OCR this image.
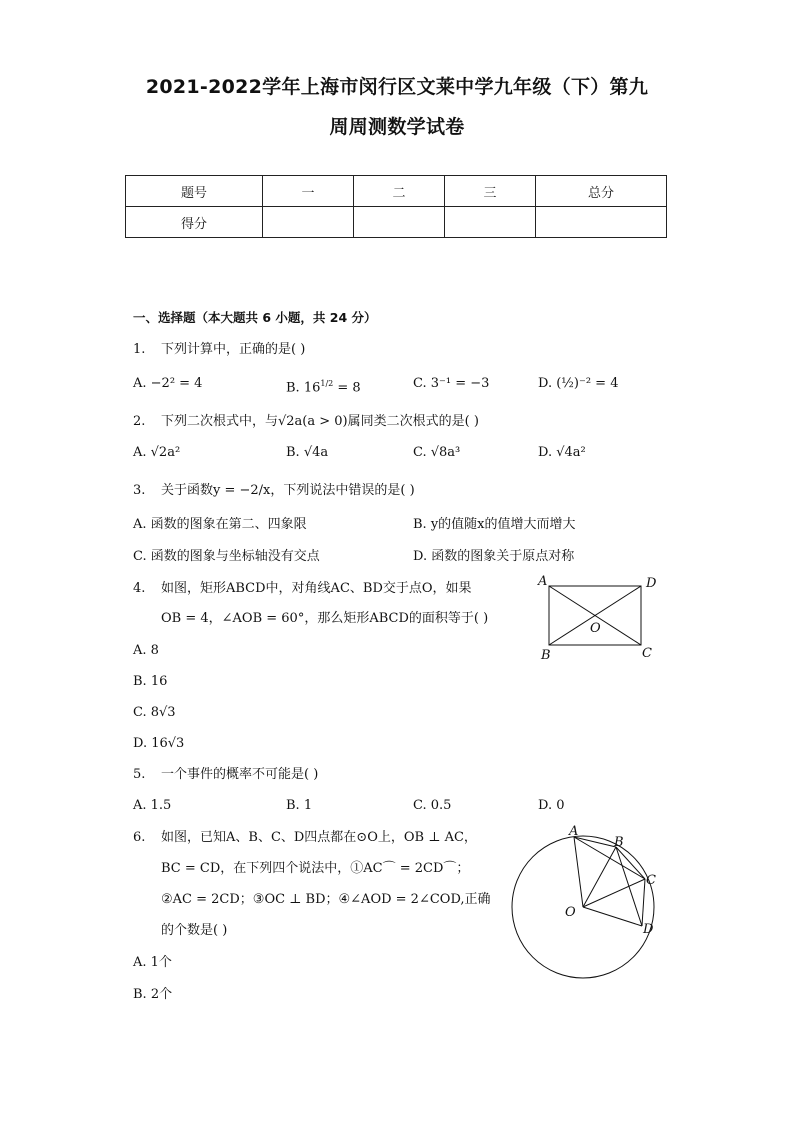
2021-2022学年上海市闵行区文莱中学九年级（下）第九
周周测数学试卷
题号	一	二	三	总分
得分				
一、选择题（本大题共 6 小题，共 24 分）
1. 下列计算中，正确的是( )
A. −2² = 4	B. $16^{1/2} = 8$	C. 3⁻¹ = −3	D. (½)⁻² = 4
2. 下列二次根式中，与√2a(a > 0)属同类二次根式的是( )
A. √2a²	B. √4a	C. √8a³	D. √4a²
3. 关于函数y = −2/x，下列说法中错误的是( )
A. 函数的图象在第二、四象限	B. y的值随x的值增大而增大
C. 函数的图象与坐标轴没有交点	D. 函数的图象关于原点对称
4. 如图，矩形ABCD中，对角线AC、BD交于点O，如果
OB = 4，∠AOB = 60°，那么矩形ABCD的面积等于( )
A. 8
B. 16
C. 8√3
D. 16√3
A	D
O
B	C
5. 一个事件的概率不可能是( )
A. 1.5	B. 1	C. 0.5	D. 0
6. 如图，已知A、B、C、D四点都在⊙O上，OB ⊥ AC，
BC = CD，在下列四个说法中，①AC⌒ = 2CD⌒；
②AC = 2CD；③OC ⊥ BD；④∠AOD = 2∠COD,正确
的个数是( )
A. 1个
B. 2个
A
B
C
O
D
